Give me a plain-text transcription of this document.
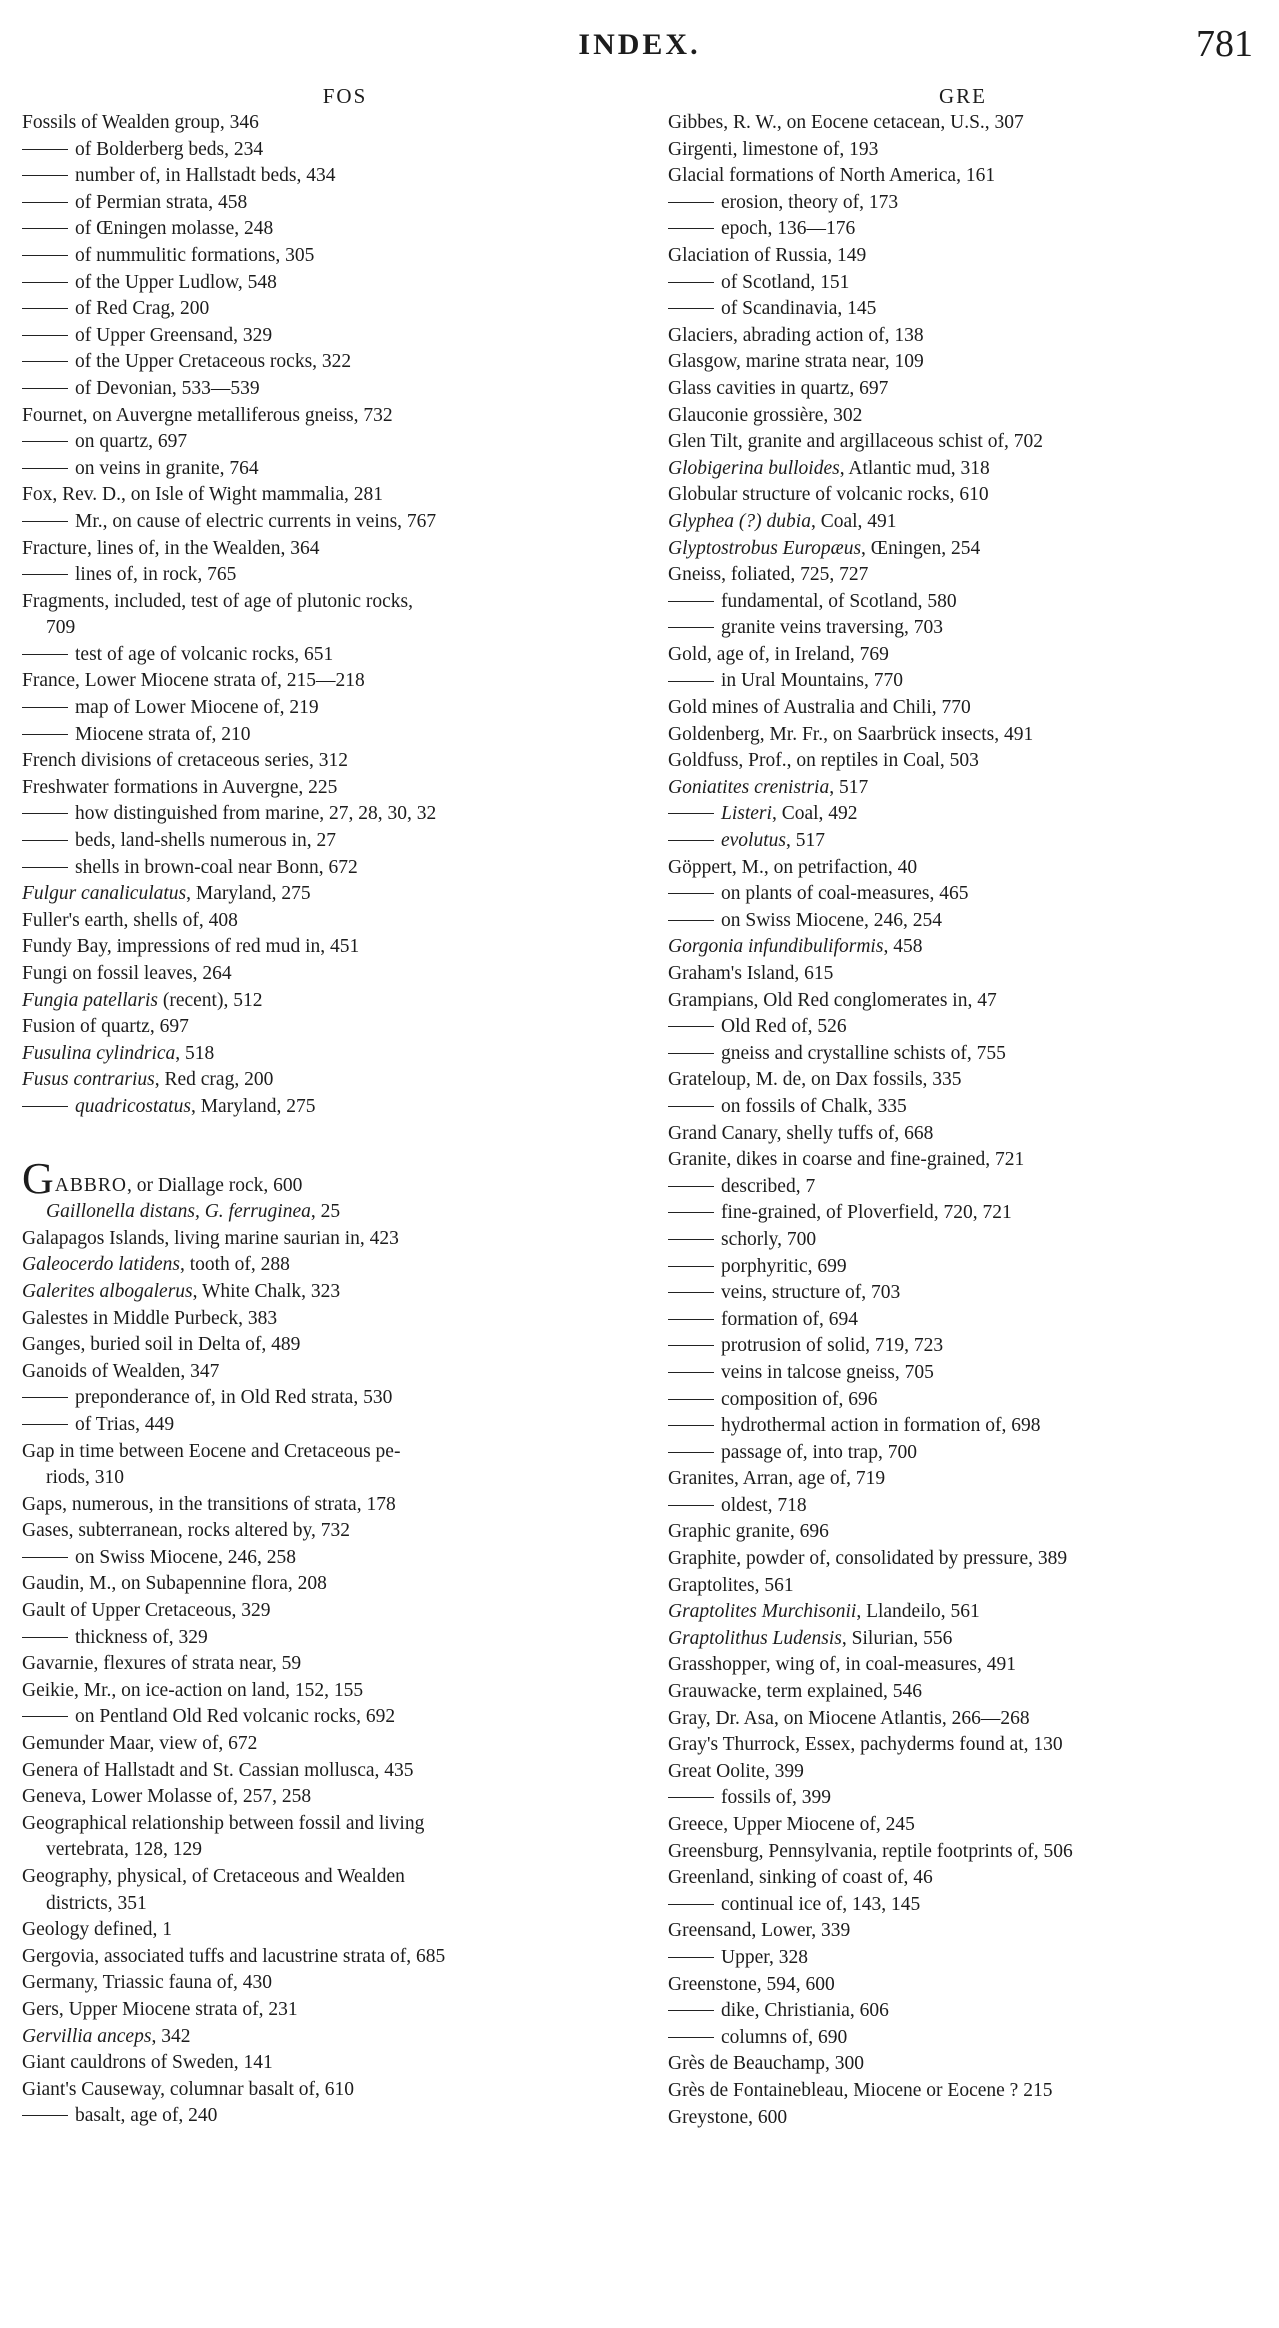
INDEX.	781
FOS
Fossils of Wealden group, 346
of Bolderberg beds, 234
number of, in Hallstadt beds, 434
of Permian strata, 458
of Œningen molasse, 248
of nummulitic formations, 305
of the Upper Ludlow, 548
of Red Crag, 200
of Upper Greensand, 329
of the Upper Cretaceous rocks, 322
of Devonian, 533—539
Fournet, on Auvergne metalliferous gneiss, 732
on quartz, 697
on veins in granite, 764
Fox, Rev. D., on Isle of Wight mammalia, 281
Mr., on cause of electric currents in veins, 767
Fracture, lines of, in the Wealden, 364
lines of, in rock, 765
Fragments, included, test of age of plutonic rocks,
709
test of age of volcanic rocks, 651
France, Lower Miocene strata of, 215—218
map of Lower Miocene of, 219
Miocene strata of, 210
French divisions of cretaceous series, 312
Freshwater formations in Auvergne, 225
how distinguished from marine, 27, 28, 30, 32
beds, land-shells numerous in, 27
shells in brown-coal near Bonn, 672
Fulgur canaliculatus, Maryland, 275
Fuller's earth, shells of, 408
Fundy Bay, impressions of red mud in, 451
Fungi on fossil leaves, 264
Fungia patellaris (recent), 512
Fusion of quartz, 697
Fusulina cylindrica, 518
Fusus contrarius, Red crag, 200
quadricostatus, Maryland, 275
GABBRO, or Diallage rock, 600
Gaillonella distans, G. ferruginea, 25
Galapagos Islands, living marine saurian in, 423
Galeocerdo latidens, tooth of, 288
Galerites albogalerus, White Chalk, 323
Galestes in Middle Purbeck, 383
Ganges, buried soil in Delta of, 489
Ganoids of Wealden, 347
preponderance of, in Old Red strata, 530
of Trias, 449
Gap in time between Eocene and Cretaceous pe-
riods, 310
Gaps, numerous, in the transitions of strata, 178
Gases, subterranean, rocks altered by, 732
on Swiss Miocene, 246, 258
Gaudin, M., on Subapennine flora, 208
Gault of Upper Cretaceous, 329
thickness of, 329
Gavarnie, flexures of strata near, 59
Geikie, Mr., on ice-action on land, 152, 155
on Pentland Old Red volcanic rocks, 692
Gemunder Maar, view of, 672
Genera of Hallstadt and St. Cassian mollusca, 435
Geneva, Lower Molasse of, 257, 258
Geographical relationship between fossil and living
vertebrata, 128, 129
Geography, physical, of Cretaceous and Wealden
districts, 351
Geology defined, 1
Gergovia, associated tuffs and lacustrine strata of, 685
Germany, Triassic fauna of, 430
Gers, Upper Miocene strata of, 231
Gervillia anceps, 342
Giant cauldrons of Sweden, 141
Giant's Causeway, columnar basalt of, 610
basalt, age of, 240
GRE
Gibbes, R. W., on Eocene cetacean, U.S., 307
Girgenti, limestone of, 193
Glacial formations of North America, 161
erosion, theory of, 173
epoch, 136—176
Glaciation of Russia, 149
of Scotland, 151
of Scandinavia, 145
Glaciers, abrading action of, 138
Glasgow, marine strata near, 109
Glass cavities in quartz, 697
Glauconie grossière, 302
Glen Tilt, granite and argillaceous schist of, 702
Globigerina bulloides, Atlantic mud, 318
Globular structure of volcanic rocks, 610
Glyphea (?) dubia, Coal, 491
Glyptostrobus Europæus, Œningen, 254
Gneiss, foliated, 725, 727
fundamental, of Scotland, 580
granite veins traversing, 703
Gold, age of, in Ireland, 769
in Ural Mountains, 770
Gold mines of Australia and Chili, 770
Goldenberg, Mr. Fr., on Saarbrück insects, 491
Goldfuss, Prof., on reptiles in Coal, 503
Goniatites crenistria, 517
Listeri, Coal, 492
evolutus, 517
Göppert, M., on petrifaction, 40
on plants of coal-measures, 465
on Swiss Miocene, 246, 254
Gorgonia infundibuliformis, 458
Graham's Island, 615
Grampians, Old Red conglomerates in, 47
Old Red of, 526
gneiss and crystalline schists of, 755
Grateloup, M. de, on Dax fossils, 335
on fossils of Chalk, 335
Grand Canary, shelly tuffs of, 668
Granite, dikes in coarse and fine-grained, 721
described, 7
fine-grained, of Ploverfield, 720, 721
schorly, 700
porphyritic, 699
veins, structure of, 703
formation of, 694
protrusion of solid, 719, 723
veins in talcose gneiss, 705
composition of, 696
hydrothermal action in formation of, 698
passage of, into trap, 700
Granites, Arran, age of, 719
oldest, 718
Graphic granite, 696
Graphite, powder of, consolidated by pressure, 389
Graptolites, 561
Graptolites Murchisonii, Llandeilo, 561
Graptolithus Ludensis, Silurian, 556
Grasshopper, wing of, in coal-measures, 491
Grauwacke, term explained, 546
Gray, Dr. Asa, on Miocene Atlantis, 266—268
Gray's Thurrock, Essex, pachyderms found at, 130
Great Oolite, 399
fossils of, 399
Greece, Upper Miocene of, 245
Greensburg, Pennsylvania, reptile footprints of, 506
Greenland, sinking of coast of, 46
continual ice of, 143, 145
Greensand, Lower, 339
Upper, 328
Greenstone, 594, 600
dike, Christiania, 606
columns of, 690
Grès de Beauchamp, 300
Grès de Fontainebleau, Miocene or Eocene ? 215
Greystone, 600
